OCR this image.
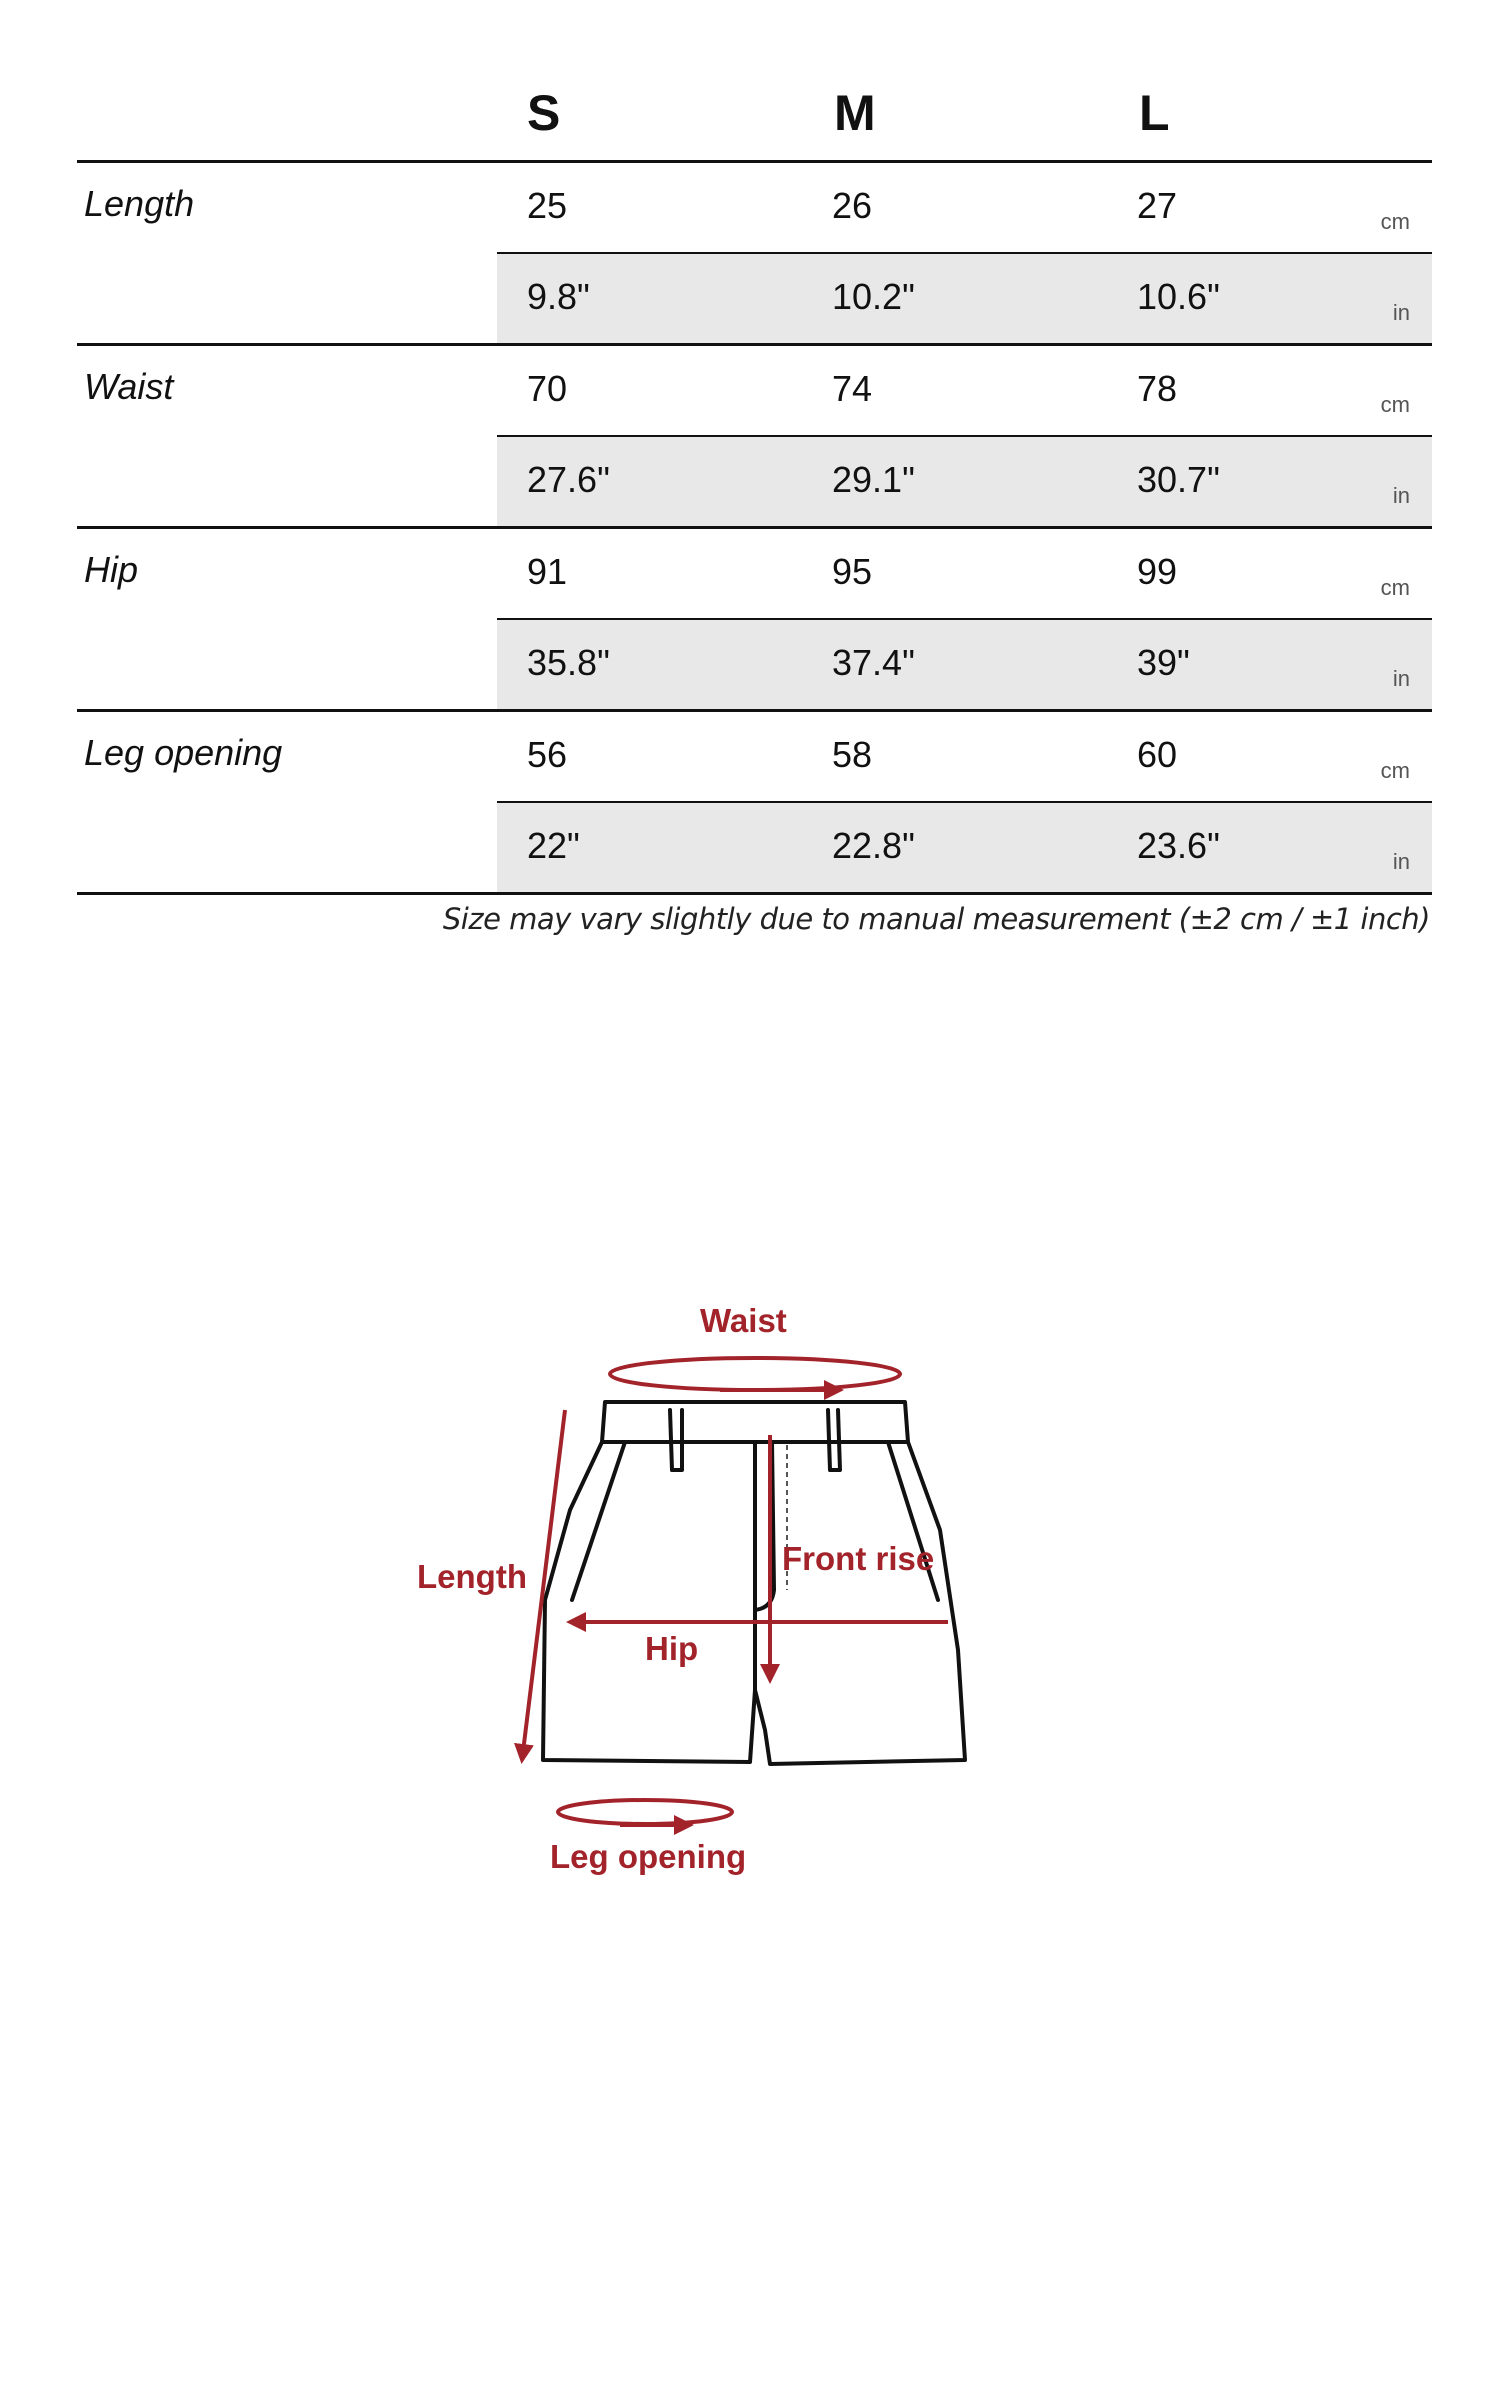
S	M	L
Length	25	26	27	cm
9.8"	10.2"	10.6"	in
Waist	70	74	78	cm
27.6"	29.1"	30.7"	in
Hip	91	95	99	cm
35.8"	37.4"	39"	in
Leg opening	56	58	60	cm
22"	22.8"	23.6"	in
Size may vary slightly due to manual measurement (±2 cm / ±1 inch)
Waist
Length	Front rise
Hip
Leg opening
